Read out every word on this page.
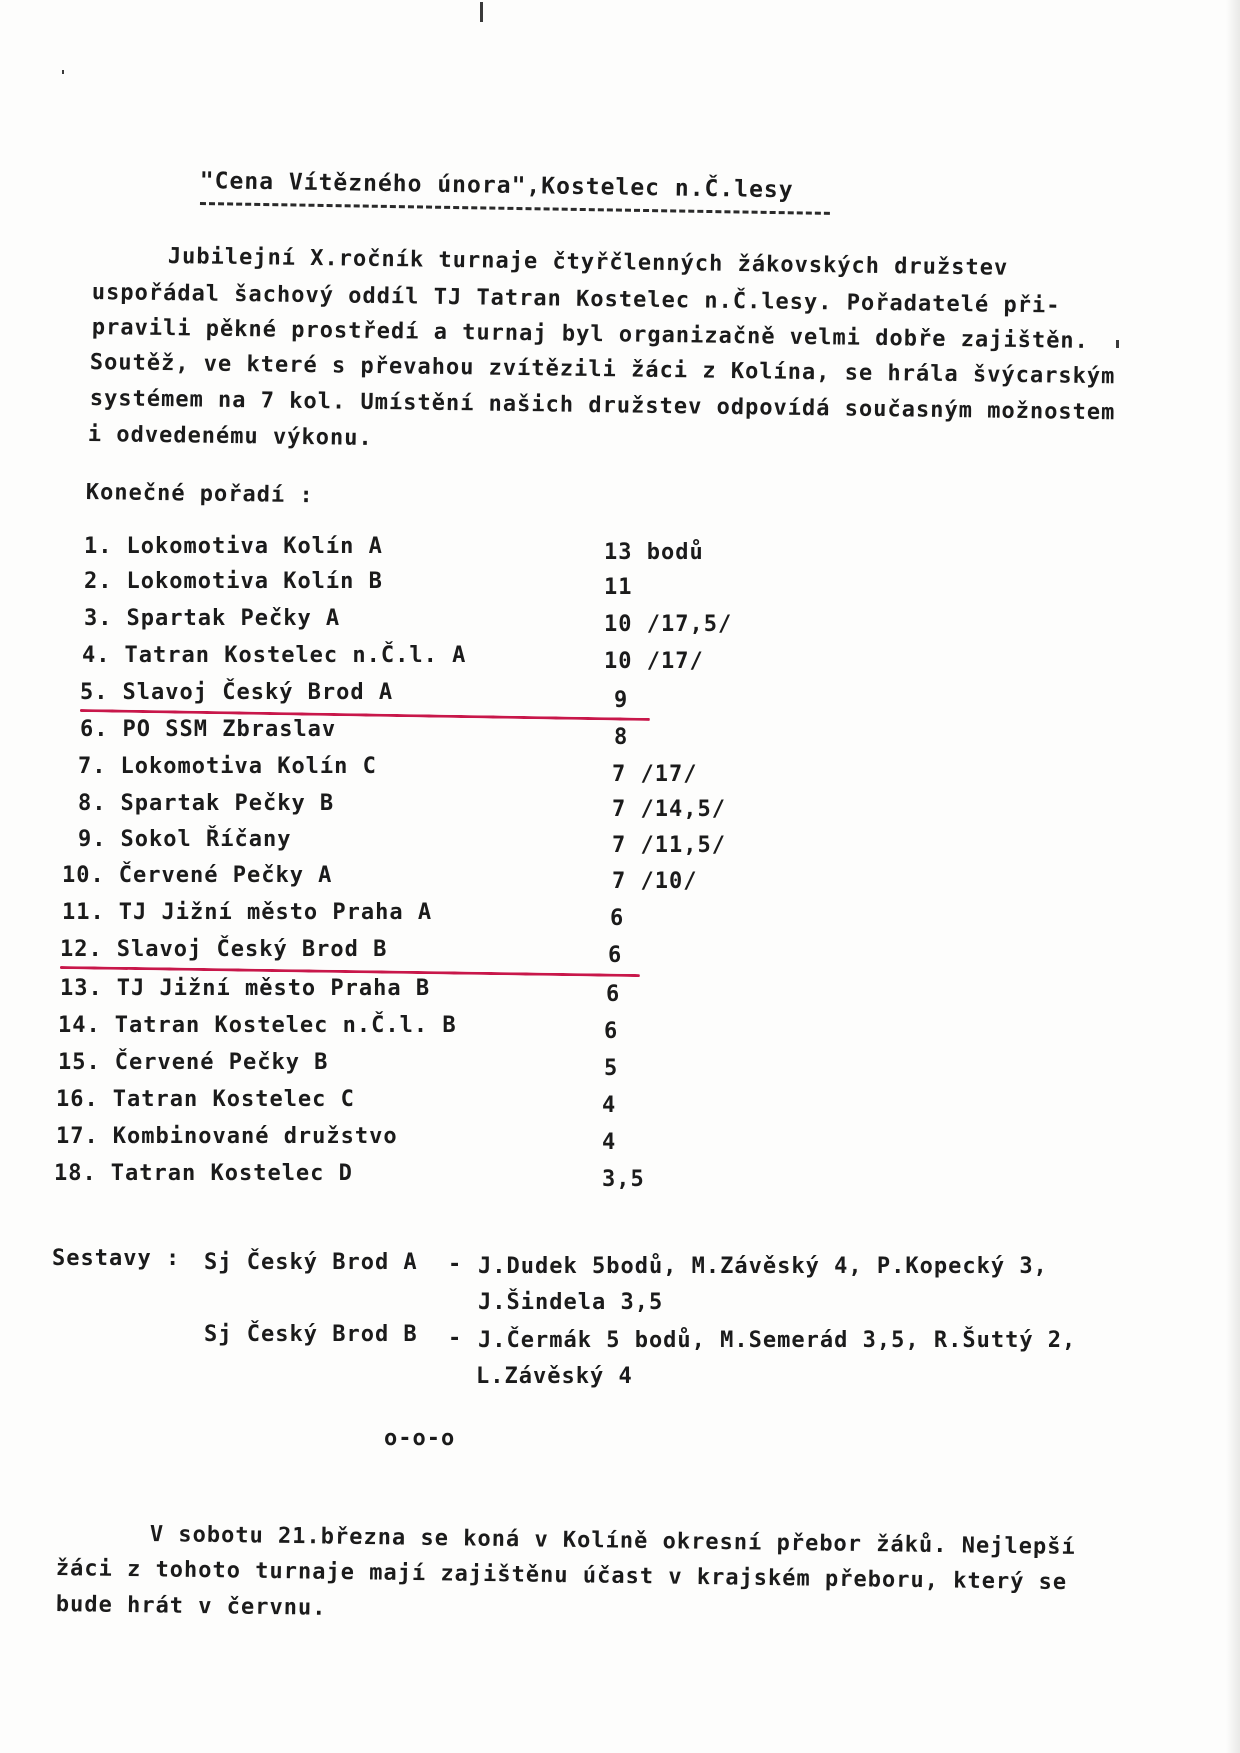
"Cena Vítězného února",Kostelec n.Č.lesy
Jubilejní X.ročník turnaje čtyřčlenných žákovských družstev
uspořádal šachový oddíl TJ Tatran Kostelec n.Č.lesy. Pořadatelé při-
pravili pěkné prostředí a turnaj byl organizačně velmi dobře zajištěn.
Soutěž, ve které s převahou zvítězili žáci z Kolína, se hrála švýcarským
systémem na 7 kol. Umístění našich družstev odpovídá současným možnostem
i odvedenému výkonu.
Konečné pořadí :
1. Lokomotiva Kolín A	13 bodů
2. Lokomotiva Kolín B	11
3. Spartak Pečky A	10 /17,5/
4. Tatran Kostelec n.Č.l. A	10 /17/
5. Slavoj Český Brod A	9
6. PO SSM Zbraslav	8
7. Lokomotiva Kolín C	7 /17/
8. Spartak Pečky B	7 /14,5/
9. Sokol Říčany	7 /11,5/
10. Červené Pečky A	7 /10/
11. TJ Jižní město Praha A	6
12. Slavoj Český Brod B	6
13. TJ Jižní město Praha B	6
14. Tatran Kostelec n.Č.l. B	6
15. Červené Pečky B	5
16. Tatran Kostelec C	4
17. Kombinované družstvo	4
18. Tatran Kostelec D	3,5
Sestavy : Sj Český Brod A - J.Dudek 5bodů, M.Závěský 4, P.Kopecký 3,
J.Šindela 3,5
Sj Český Brod B - J.Čermák 5 bodů, M.Semerád 3,5, R.Šuttý 2,
L.Závěský 4
o-o-o
V sobotu 21.března se koná v Kolíně okresní přebor žáků. Nejlepší
žáci z tohoto turnaje mají zajištěnu účast v krajském přeboru, který se
bude hrát v červnu.
